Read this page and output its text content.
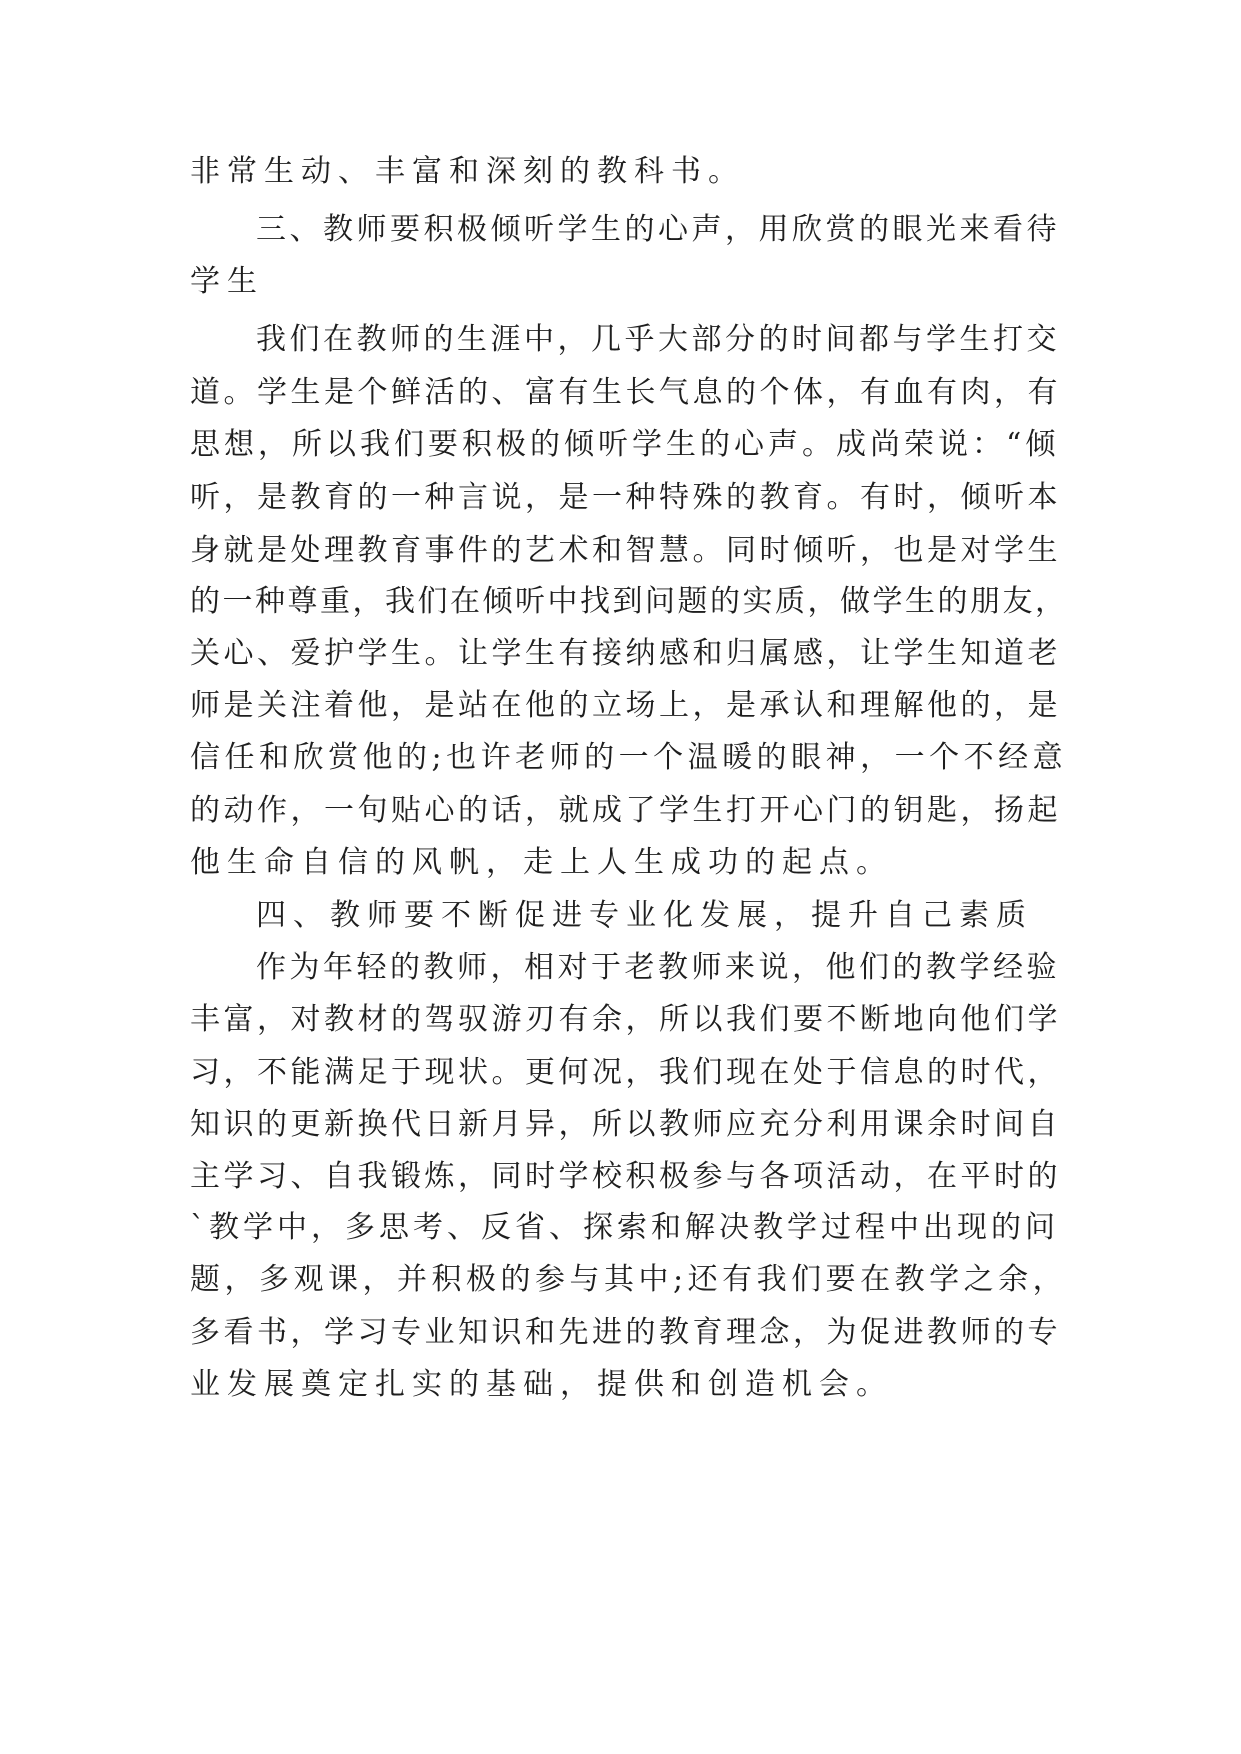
非常生动、丰富和深刻的教科书。
三、教师要积极倾听学生的心声，用欣赏的眼光来看待
学生
我们在教师的生涯中，几乎大部分的时间都与学生打交
道。学生是个鲜活的、富有生长气息的个体，有血有肉，有
思想，所以我们要积极的倾听学生的心声。成尚荣说：“倾
听，是教育的一种言说，是一种特殊的教育。有时，倾听本
身就是处理教育事件的艺术和智慧。同时倾听，也是对学生
的一种尊重，我们在倾听中找到问题的实质，做学生的朋友，
关心、爱护学生。让学生有接纳感和归属感，让学生知道老
师是关注着他，是站在他的立场上，是承认和理解他的，是
信任和欣赏他的;也许老师的一个温暖的眼神，一个不经意
的动作，一句贴心的话，就成了学生打开心门的钥匙，扬起
他生命自信的风帆，走上人生成功的起点。
四、教师要不断促进专业化发展，提升自己素质
作为年轻的教师，相对于老教师来说，他们的教学经验
丰富，对教材的驾驭游刃有余，所以我们要不断地向他们学
习，不能满足于现状。更何况，我们现在处于信息的时代，
知识的更新换代日新月异，所以教师应充分利用课余时间自
主学习、自我锻炼，同时学校积极参与各项活动，在平时的
`教学中，多思考、反省、探索和解决教学过程中出现的问
题，多观课，并积极的参与其中;还有我们要在教学之余，
多看书，学习专业知识和先进的教育理念，为促进教师的专
业发展奠定扎实的基础，提供和创造机会。
